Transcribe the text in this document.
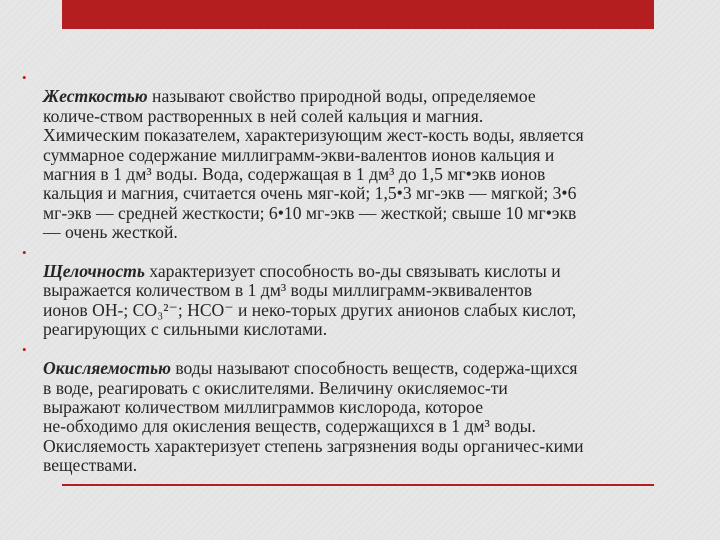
•
Жесткостью называют свойство природной воды, определяемое
количе-ством растворенных в ней солей кальция и магния.
Химическим показателем, характеризующим жест-кость воды, является
суммарное содержание миллиграмм-экви-валентов ионов кальция и
магния в 1 дм³ воды. Вода, содержащая в 1 дм³ до 1,5 мг•экв ионов
кальция и магния, считается очень мяг-кой; 1,5•3 мг-экв — мягкой; 3•6
мг-экв — средней жесткости; 6•10 мг-экв — жесткой; свыше 10 мг•экв
— очень жесткой.

•
Щелочность характеризует способность во-ды связывать кислоты и
выражается количеством в 1 дм³ воды миллиграмм-эквивалентов
ионов ОН-; СО₃²⁻; НСО⁻ и неко-торых других анионов слабых кислот,
реагирующих с сильными кислотами.

•
Окисляемостью воды называют способность веществ, содержа-щихся
в воде, реагировать с окислителями. Величину окисляемос-ти
выражают количеством миллиграммов кислорода, которое
не-обходимо для окисления веществ, содержащихся в 1 дм³ воды.
Окисляемость характеризует степень загрязнения воды органичес-кими
веществами.
